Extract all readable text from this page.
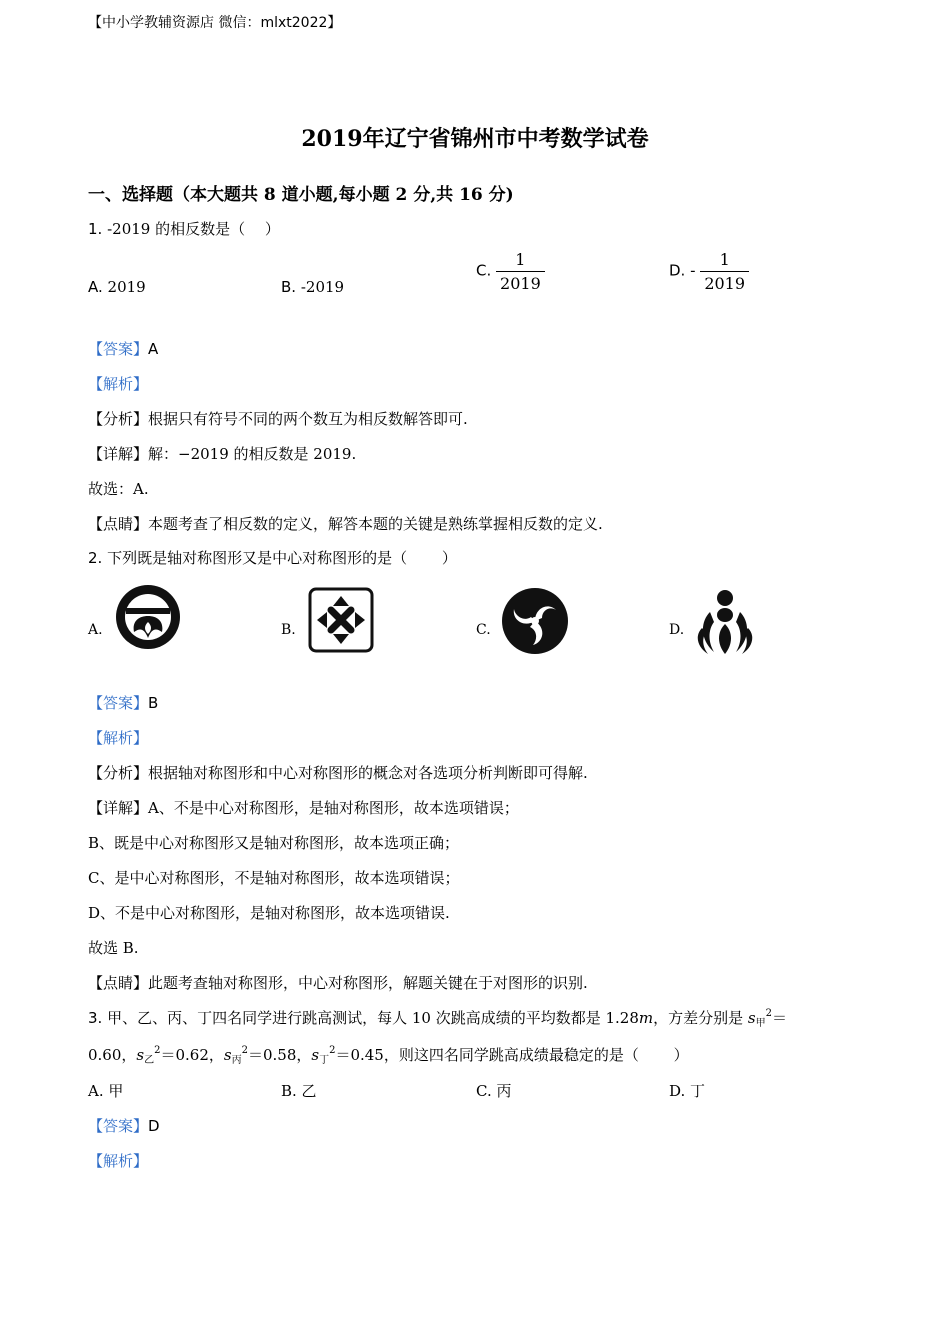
【中小学教辅资源店 微信：mlxt2022】
2019年辽宁省锦州市中考数学试卷
一、选择题（本大题共 8 道小题,每小题 2 分,共 16 分)
1. -2019 的相反数是（　 ）
A. 2019	B. -2019
C. $\frac{1}{2019}$	D. - $\frac{1}{2019}$
【答案】A
【解析】
【分析】根据只有符号不同的两个数互为相反数解答即可.
【详解】解：−2019 的相反数是 2019.
故选：A.
【点睛】本题考查了相反数的定义，解答本题的关键是熟练掌握相反数的定义.
2. 下列既是轴对称图形又是中心对称图形的是（　　 ）
A.	B.	C.	D.
【答案】B
【解析】
【分析】根据轴对称图形和中心对称图形的概念对各选项分析判断即可得解.
【详解】A、不是中心对称图形，是轴对称图形，故本选项错误；
B、既是中心对称图形又是轴对称图形，故本选项正确；
C、是中心对称图形，不是轴对称图形，故本选项错误；
D、不是中心对称图形，是轴对称图形，故本选项错误.
故选 B.
【点睛】此题考查轴对称图形，中心对称图形，解题关键在于对图形的识别.
3. 甲、乙、丙、丁四名同学进行跳高测试，每人 10 次跳高成绩的平均数都是 1.28m，方差分别是 $s_甲^2=$
0.60，$s_乙^2=0.62$，$s_丙^2=0.58$，$s_丁^2=0.45$，则这四名同学跳高成绩最稳定的是（　　 ）
A. 甲	B. 乙	C. 丙	D. 丁
【答案】D
【解析】
